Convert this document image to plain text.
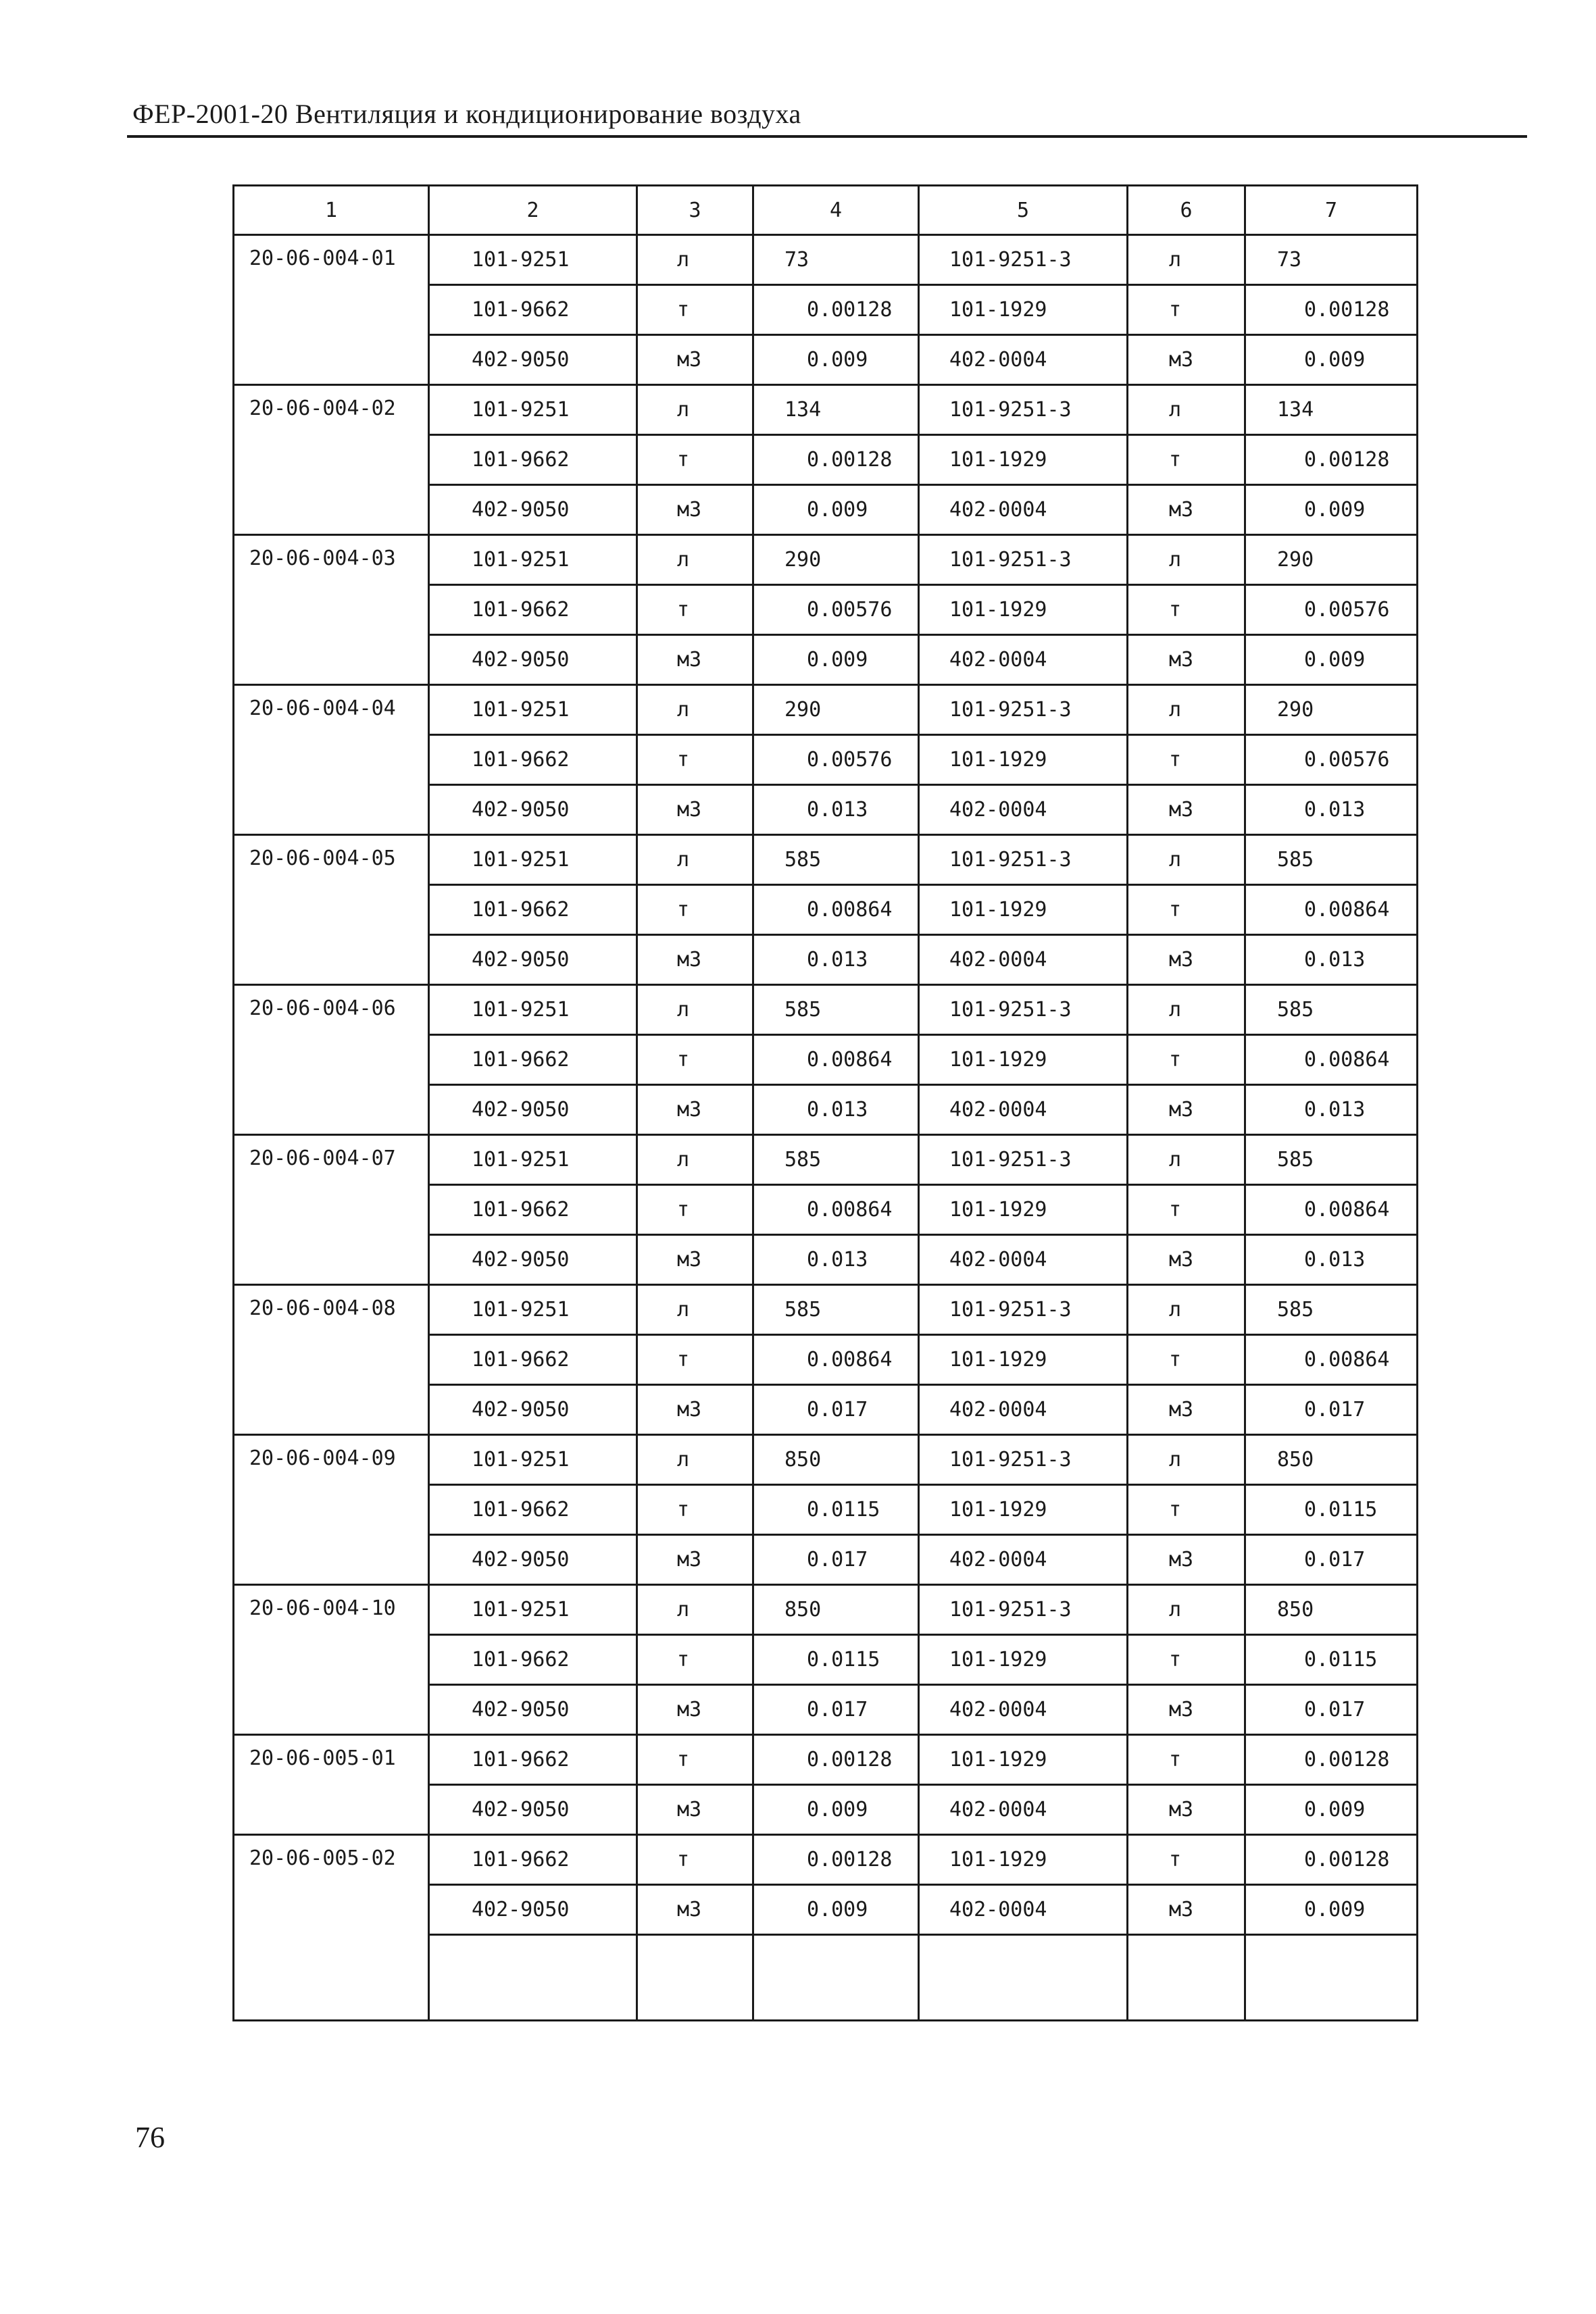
ФЕР-2001-20 Вентиляция и кондиционирование воздуха
1	2	3	4	5	6	7
20-06-004-01	101-9251	л	73	101-9251-3	л	73
	101-9662	т	0.00128	101-1929	т	0.00128
	402-9050	м3	0.009	402-0004	м3	0.009
20-06-004-02	101-9251	л	134	101-9251-3	л	134
	101-9662	т	0.00128	101-1929	т	0.00128
	402-9050	м3	0.009	402-0004	м3	0.009
20-06-004-03	101-9251	л	290	101-9251-3	л	290
	101-9662	т	0.00576	101-1929	т	0.00576
	402-9050	м3	0.009	402-0004	м3	0.009
20-06-004-04	101-9251	л	290	101-9251-3	л	290
	101-9662	т	0.00576	101-1929	т	0.00576
	402-9050	м3	0.013	402-0004	м3	0.013
20-06-004-05	101-9251	л	585	101-9251-3	л	585
	101-9662	т	0.00864	101-1929	т	0.00864
	402-9050	м3	0.013	402-0004	м3	0.013
20-06-004-06	101-9251	л	585	101-9251-3	л	585
	101-9662	т	0.00864	101-1929	т	0.00864
	402-9050	м3	0.013	402-0004	м3	0.013
20-06-004-07	101-9251	л	585	101-9251-3	л	585
	101-9662	т	0.00864	101-1929	т	0.00864
	402-9050	м3	0.013	402-0004	м3	0.013
20-06-004-08	101-9251	л	585	101-9251-3	л	585
	101-9662	т	0.00864	101-1929	т	0.00864
	402-9050	м3	0.017	402-0004	м3	0.017
20-06-004-09	101-9251	л	850	101-9251-3	л	850
	101-9662	т	0.0115	101-1929	т	0.0115
	402-9050	м3	0.017	402-0004	м3	0.017
20-06-004-10	101-9251	л	850	101-9251-3	л	850
	101-9662	т	0.0115	101-1929	т	0.0115
	402-9050	м3	0.017	402-0004	м3	0.017
20-06-005-01	101-9662	т	0.00128	101-1929	т	0.00128
	402-9050	м3	0.009	402-0004	м3	0.009
20-06-005-02	101-9662	т	0.00128	101-1929	т	0.00128
	402-9050	м3	0.009	402-0004	м3	0.009

76
